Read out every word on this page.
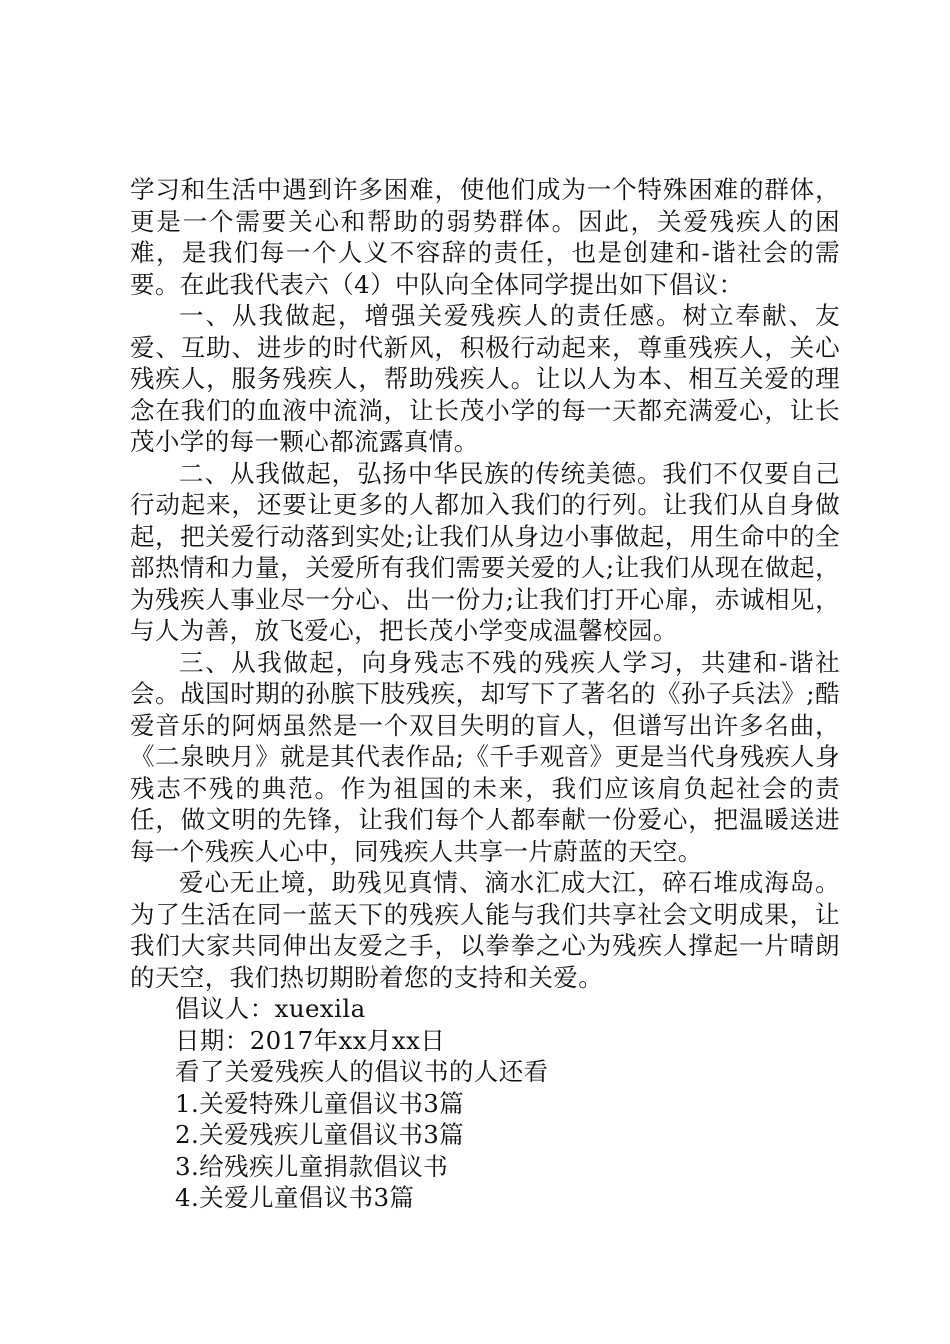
学习和生活中遇到许多困难，使他们成为一个特殊困难的群体，更是一个需要关心和帮助的弱势群体。因此，关爱残疾人的困难，是我们每一个人义不容辞的责任，也是创建和-谐社会的需要。在此我代表六（4）中队向全体同学提出如下倡议：

一、从我做起，增强关爱残疾人的责任感。树立奉献、友爱、互助、进步的时代新风，积极行动起来，尊重残疾人，关心残疾人，服务残疾人，帮助残疾人。让以人为本、相互关爱的理念在我们的血液中流淌，让长茂小学的每一天都充满爱心，让长茂小学的每一颗心都流露真情。

二、从我做起，弘扬中华民族的传统美德。我们不仅要自己行动起来，还要让更多的人都加入我们的行列。让我们从自身做起，把关爱行动落到实处;让我们从身边小事做起，用生命中的全部热情和力量，关爱所有我们需要关爱的人;让我们从现在做起，为残疾人事业尽一分心、出一份力;让我们打开心扉，赤诚相见，与人为善，放飞爱心，把长茂小学变成温馨校园。

三、从我做起，向身残志不残的残疾人学习，共建和-谐社会。战国时期的孙膑下肢残疾，却写下了著名的《孙子兵法》;酷爱音乐的阿炳虽然是一个双目失明的盲人，但谱写出许多名曲，《二泉映月》就是其代表作品;《千手观音》更是当代身残疾人身残志不残的典范。作为祖国的未来，我们应该肩负起社会的责任，做文明的先锋，让我们每个人都奉献一份爱心，把温暖送进每一个残疾人心中，同残疾人共享一片蔚蓝的天空。

爱心无止境，助残见真情、滴水汇成大江，碎石堆成海岛。为了生活在同一蓝天下的残疾人能与我们共享社会文明成果，让我们大家共同伸出友爱之手，以拳拳之心为残疾人撑起一片晴朗的天空，我们热切期盼着您的支持和关爱。

倡议人：xuexila

日期：2017年xx月xx日

看了关爱残疾人的倡议书的人还看

1.关爱特殊儿童倡议书3篇

2.关爱残疾儿童倡议书3篇

3.给残疾儿童捐款倡议书

4.关爱儿童倡议书3篇
